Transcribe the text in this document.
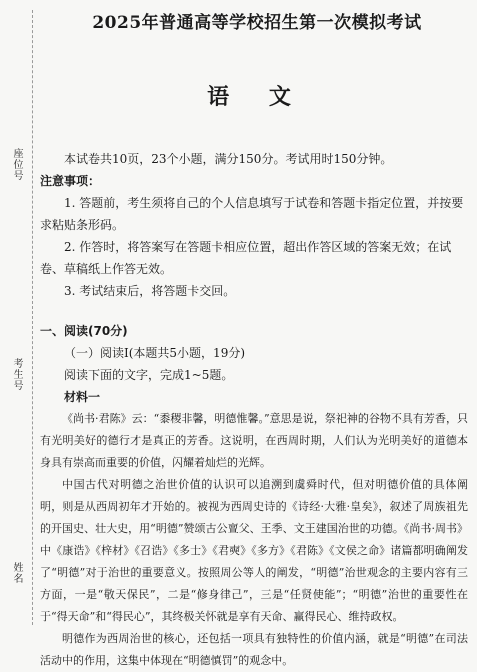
座位号
考生号
姓名
2025年普通高等学校招生第一次模拟考试
语 文

本试卷共10页，23个小题，满分150分。考试用时150分钟。

注意事项：

1. 答题前，考生须将自己的个人信息填写于试卷和答题卡指定位置，并按要求粘贴条形码。

2. 作答时，将答案写在答题卡相应位置，超出作答区域的答案无效；在试卷、草稿纸上作答无效。

3. 考试结束后，将答题卡交回。

一、阅读(70分)

（一）阅读Ⅰ(本题共5小题，19分)

阅读下面的文字，完成1~5题。

材料一

《尚书·君陈》云：“黍稷非馨，明德惟馨。”意思是说，祭祀神的谷物不具有芳香，只有光明美好的德行才是真正的芳香。这说明，在西周时期，人们认为光明美好的道德本身具有崇高而重要的价值，闪耀着灿烂的光辉。

中国古代对明德之治世价值的认识可以追溯到虞舜时代，但对明德价值的具体阐明，则是从西周初年才开始的。被视为西周史诗的《诗经·大雅·皇矣》，叙述了周族祖先的开国史、壮大史，用“明德”赞颂古公亶父、王季、文王建国治世的功德。《尚书·周书》中《康诰》《梓材》《召诰》《多士》《君奭》《多方》《君陈》《文侯之命》诸篇都明确阐发了“明德”对于治世的重要意义。按照周公等人的阐发，“明德”治世观念的主要内容有三方面，一是“敬天保民”，二是“修身律己”，三是“任贤使能”；“明德”治世的重要性在于“得天命”和“得民心”，其终极关怀就是享有天命、赢得民心、维持政权。

明德作为西周治世的核心，还包括一项具有独特性的价值内涵，就是“明德”在司法活动中的作用，这集中体现在“明德慎罚”的观念中。
